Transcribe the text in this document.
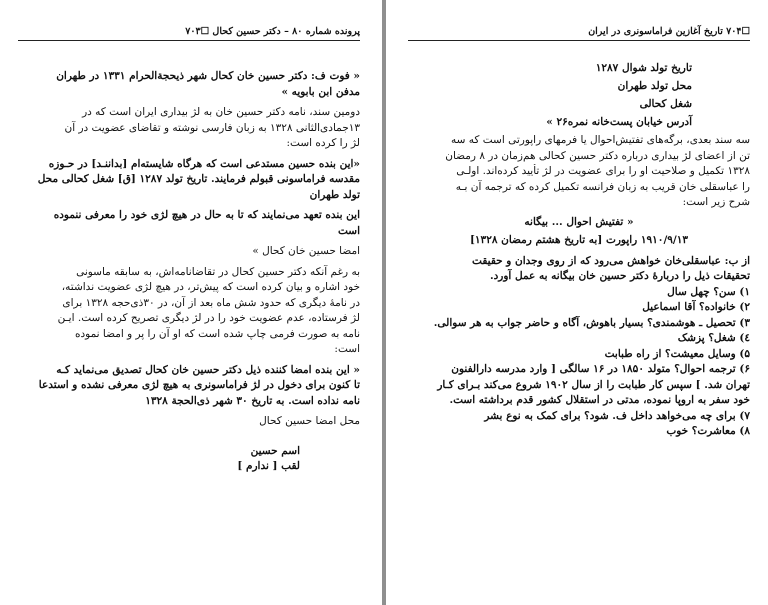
پرونده شماره ۸۰ – دکتر حسین کحال ☐۷۰۳
« فوت ف: دکتر حسین خان کحال شهر ذیحجةالحرام ۱۳۳۱ در طهران
مدفن ابن بابویه »
دومین سند، نامه دکتر حسین خان به لژ بیداری ایران است که در
۱۳جمادی‌الثانی ۱۳۲۸ به زبان فارسی نوشته و تقاضای عضویت در آن
لژ را کرده است:
«این بنده حسین مستدعی است که هرگاه شایسته‌ام [بداننـد] در حـوزه
مقدسه فراماسونی قبولم فرمایند. تاریخ تولد ۱۲۸۷ [ق] شغل کحالی محل
تولد طهران
این بنده تعهد می‌نمایند که تا به حال در هیچ لژی خود را معرفی ننموده
است
امضا حسین خان کحال »
به رغم آنکه دکتر حسین کحال در تقاضانامه‌اش، به سابقه ماسونی
خود اشاره و بیان کرده است که پیش‌تر، در هیچ لژی عضویت نداشته،
در نامهٔ دیگری که حدود شش ماه بعد از آن، در ۳۰ذی‌حجه ۱۳۲۸ برای
لژ فرستاده، عدم عضویت خود را در لژ دیگری تصریح کرده است. ایـن
نامه به صورت فرمی چاپ شده است که او آن را پر و امضا نموده
است:
« این بنده امضا کننده ذیل دکتر حسین خان کحال تصدیق می‌نماید کـه
تا کنون برای دخول در لژ فراماسونری به هیچ لژی معرفی نشده و استدعا
نامه نداده است. به تاریخ ۳۰ شهر ذی‌الحجة ۱۳۲۸
محل امضا حسین کحال
اسم حسین
لقب [ ندارم ]
☐۷۰۴ تاریخ آغازین فراماسونری در ایران
تاریخ تولد شوال ۱۲۸۷
محل تولد طهران
شغل کحالی
آدرس خیابان پست‌خانه نمره۲۶ »
سه سند بعدی، برگه‌های تفتیش‌احوال یا فرمهای راپورتی است که سه
تن از اعضای لژ بیداری درباره دکتر حسین کحالی هم‌زمان در ۸ رمضان
۱۳۲۸ تکمیل و صلاحیت او را برای عضویت در لژ تأیید کرده‌اند. اولـی
را عباسقلی خان قریب به زبان فرانسه تکمیل کرده که ترجمه آن بـه
شرح زیر است:
« تفتیش احوال ... بیگانه
۱۹۱۰/۹/۱۳ راپورت [به تاریخ هشتم رمضان ۱۳۲۸]
از ب: عباسقلی‌خان خواهش می‌رود که از روی وجدان و حقیقت
تحقیقات ذیل را دربارهٔ دکتر حسین خان بیگانه به عمل آورد.
۱) سن؟ چهل سال
۲) خانواده؟ آقا اسماعیل
۳) تحصیل ـ هوشمندی؟ بسیار باهوش، آگاه و حاضر جواب به هر سوالی.
٤) شغل؟ پزشک
۵) وسایل معیشت؟ از راه طبابت
۶) ترجمه احوال؟ متولد ۱۸۵۰ در ۱۶ سالگی [ وارد مدرسه دارالفنون
تهران شد. ] سپس کار طبابت را از سال ۱۹۰۲ شروع می‌کند بـرای کـار
خود سفر به اروپا نموده، مدتی در استقلال کشور قدم برداشته است.
۷) برای چه می‌خواهد داخل ف. شود؟ برای کمک به نوع بشر
۸) معاشرت؟ خوب
